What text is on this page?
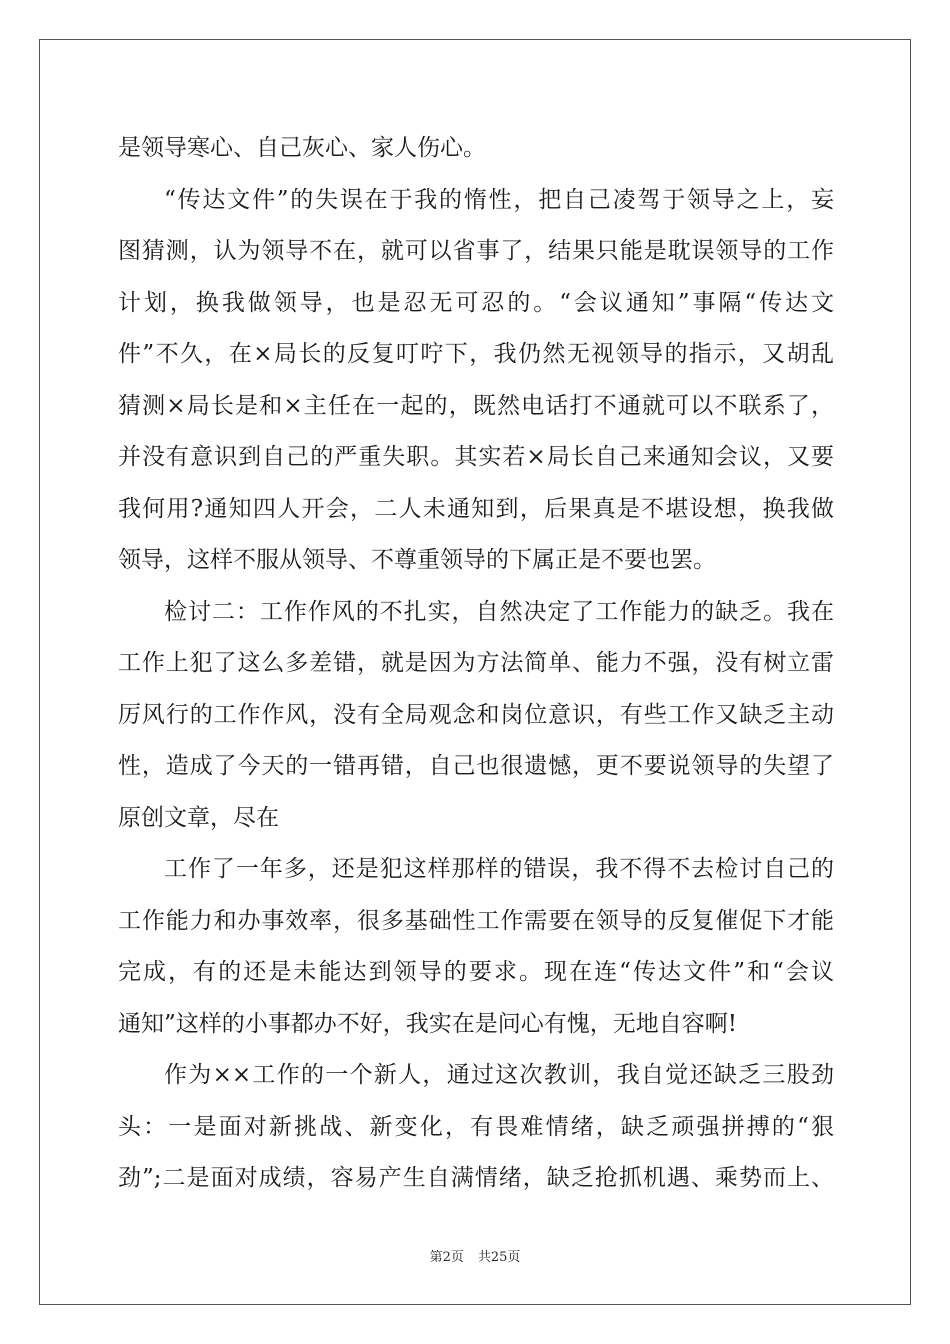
是领导寒心、自己灰心、家人伤心。
“传达文件”的失误在于我的惰性，把自己凌驾于领导之上，妄
图猜测，认为领导不在，就可以省事了，结果只能是耽误领导的工作
计划，换我做领导，也是忍无可忍的。“会议通知”事隔“传达文
件”不久，在×局长的反复叮咛下，我仍然无视领导的指示，又胡乱
猜测×局长是和×主任在一起的，既然电话打不通就可以不联系了，
并没有意识到自己的严重失职。其实若×局长自己来通知会议，又要
我何用?通知四人开会，二人未通知到，后果真是不堪设想，换我做
领导，这样不服从领导、不尊重领导的下属正是不要也罢。
检讨二：工作作风的不扎实，自然决定了工作能力的缺乏。我在
工作上犯了这么多差错，就是因为方法简单、能力不强，没有树立雷
厉风行的工作作风，没有全局观念和岗位意识，有些工作又缺乏主动
性，造成了今天的一错再错，自己也很遗憾，更不要说领导的失望了
原创文章，尽在
工作了一年多，还是犯这样那样的错误，我不得不去检讨自己的
工作能力和办事效率，很多基础性工作需要在领导的反复催促下才能
完成，有的还是未能达到领导的要求。现在连“传达文件”和“会议
通知”这样的小事都办不好，我实在是问心有愧，无地自容啊!
作为××工作的一个新人，通过这次教训，我自觉还缺乏三股劲
头：一是面对新挑战、新变化，有畏难情绪，缺乏顽强拼搏的“狠
劲”;二是面对成绩，容易产生自满情绪，缺乏抢抓机遇、乘势而上、
第2页 共25页
